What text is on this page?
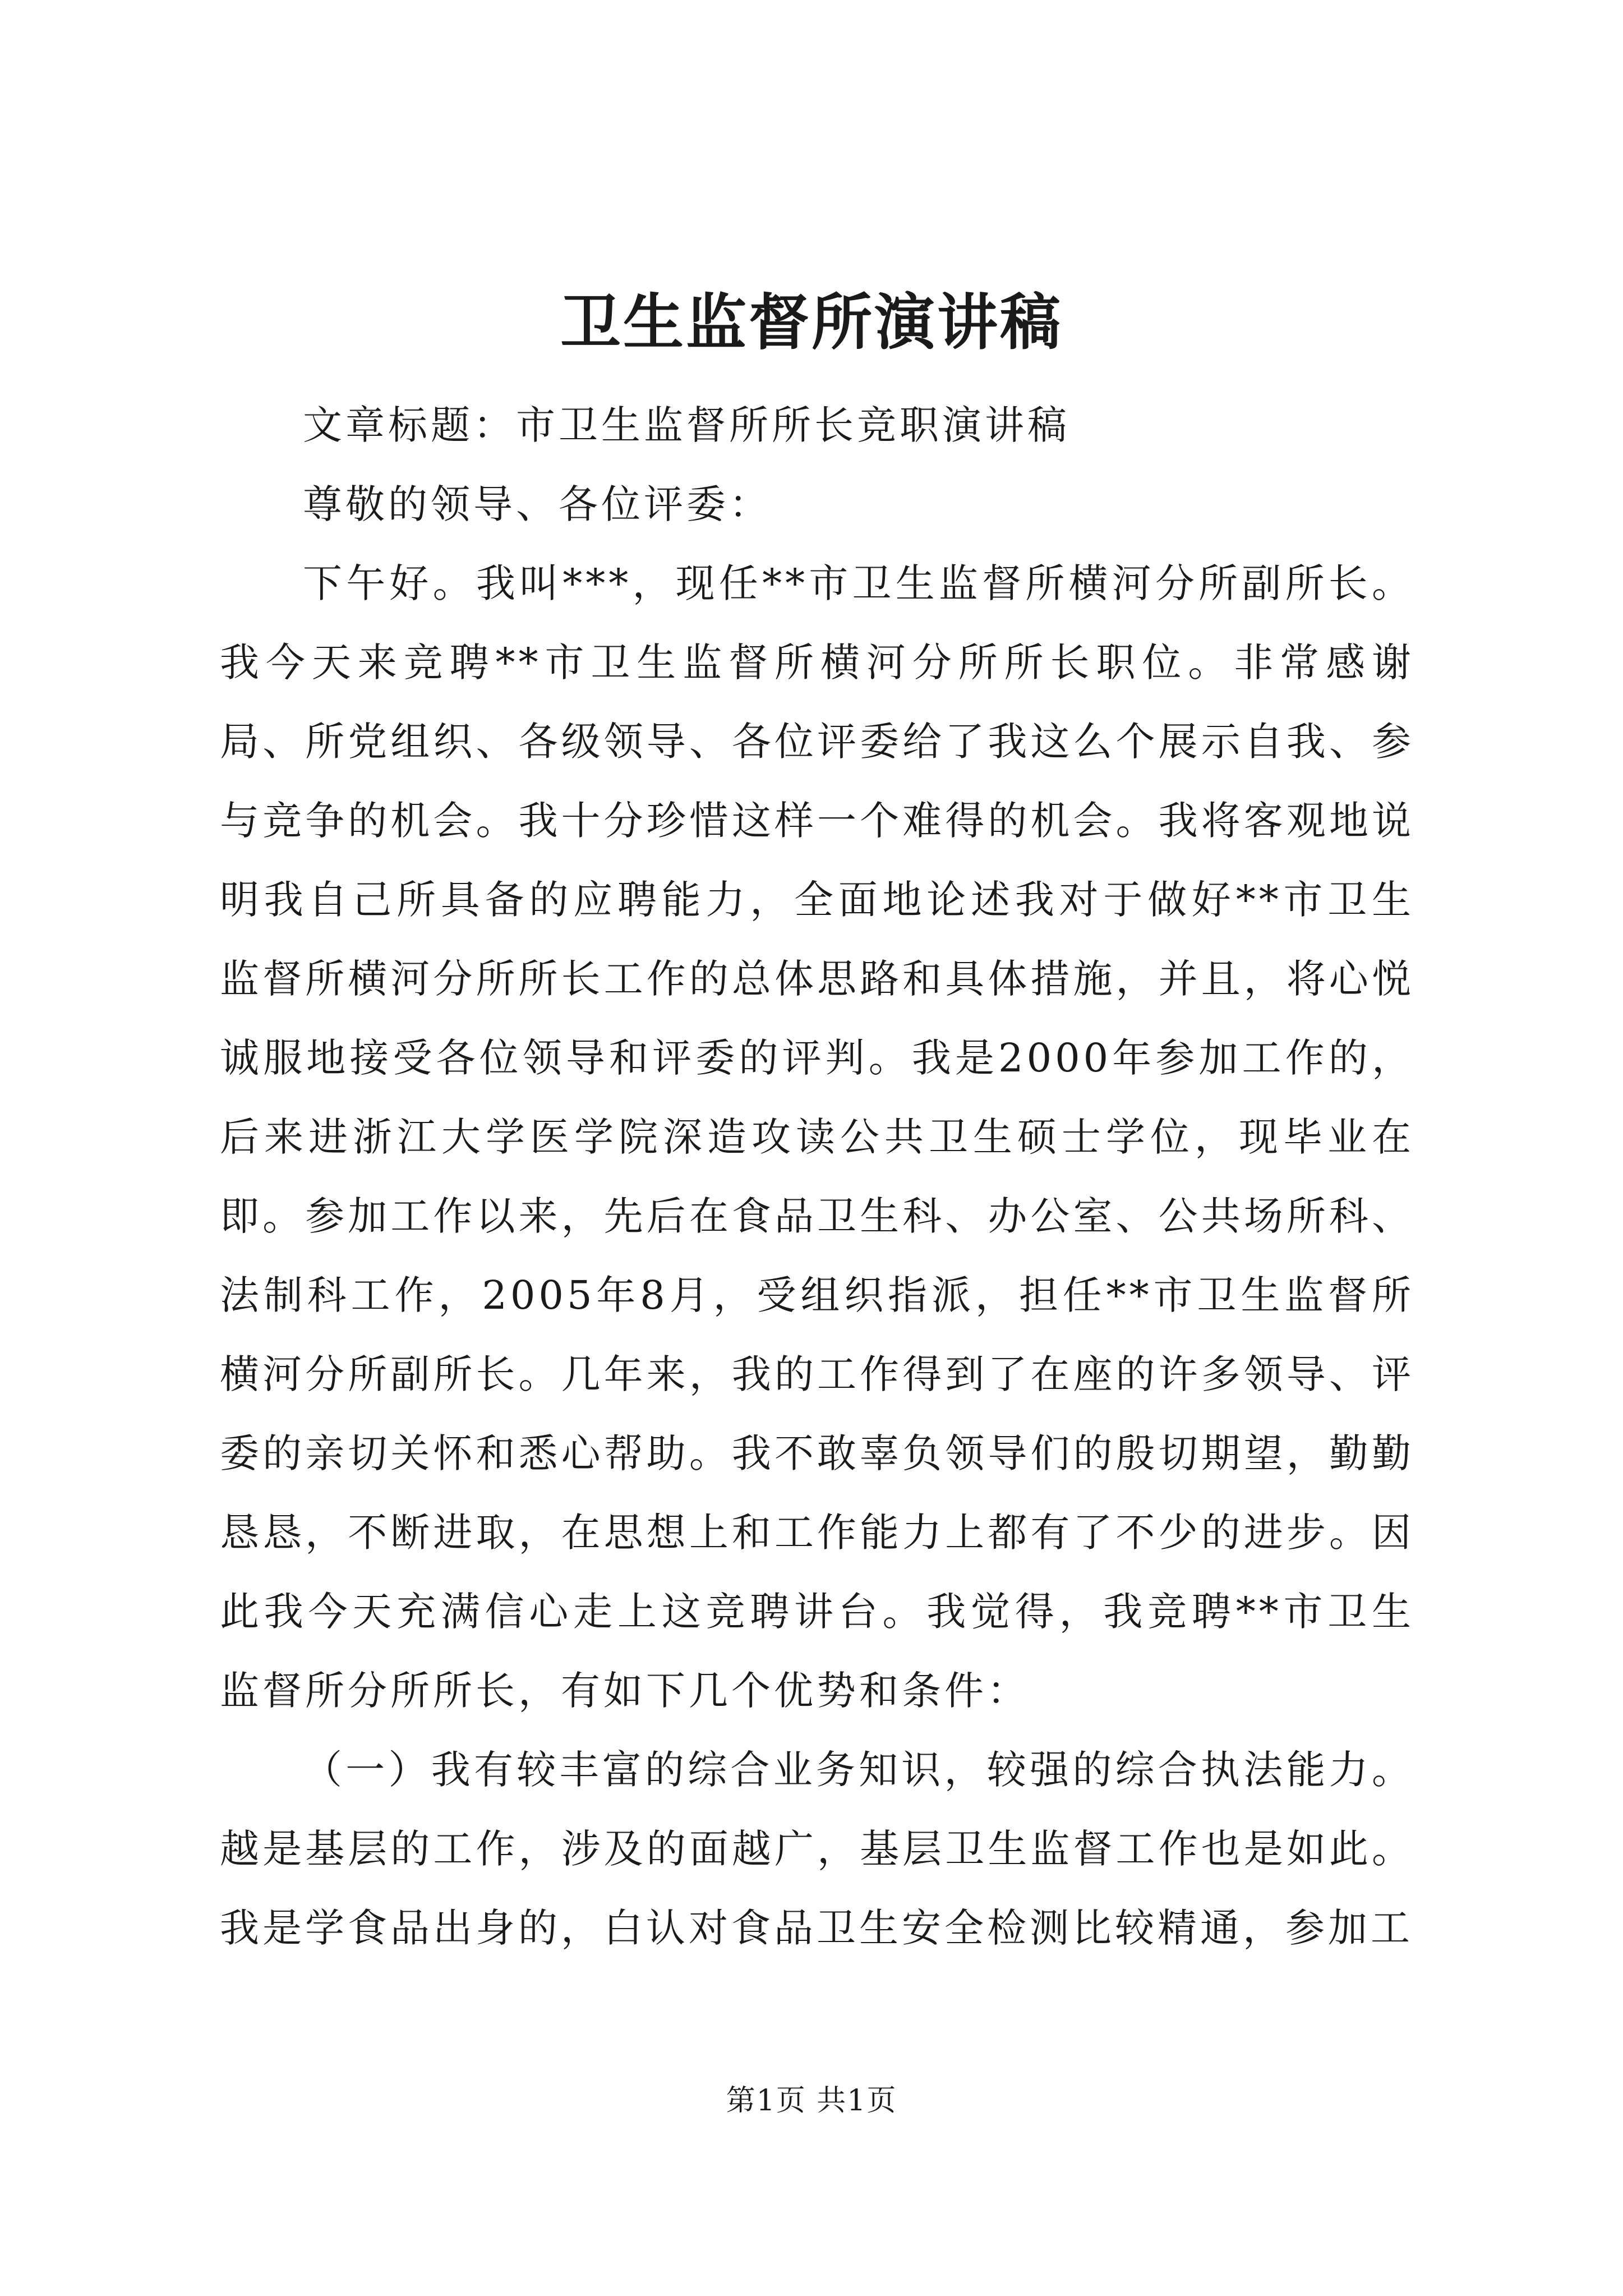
卫生监督所演讲稿

文章标题：市卫生监督所所长竞职演讲稿

尊敬的领导、各位评委：

下午好。我叫***，现任**市卫生监督所横河分所副所长。我今天来竞聘**市卫生监督所横河分所所长职位。非常感谢局、所党组织、各级领导、各位评委给了我这么个展示自我、参与竞争的机会。我十分珍惜这样一个难得的机会。我将客观地说明我自己所具备的应聘能力，全面地论述我对于做好**市卫生监督所横河分所所长工作的总体思路和具体措施，并且，将心悦诚服地接受各位领导和评委的评判。我是2000年参加工作的，后来进浙江大学医学院深造攻读公共卫生硕士学位，现毕业在即。参加工作以来，先后在食品卫生科、办公室、公共场所科、法制科工作，2005年8月，受组织指派，担任**市卫生监督所横河分所副所长。几年来，我的工作得到了在座的许多领导、评委的亲切关怀和悉心帮助。我不敢辜负领导们的殷切期望，勤勤恳恳，不断进取，在思想上和工作能力上都有了不少的进步。因此我今天充满信心走上这竞聘讲台。我觉得，我竞聘**市卫生监督所分所所长，有如下几个优势和条件：

（一）我有较丰富的综合业务知识，较强的综合执法能力。越是基层的工作，涉及的面越广，基层卫生监督工作也是如此。我是学食品出身的，白认对食品卫生安全检测比较精通，参加工

第1页 共1页
